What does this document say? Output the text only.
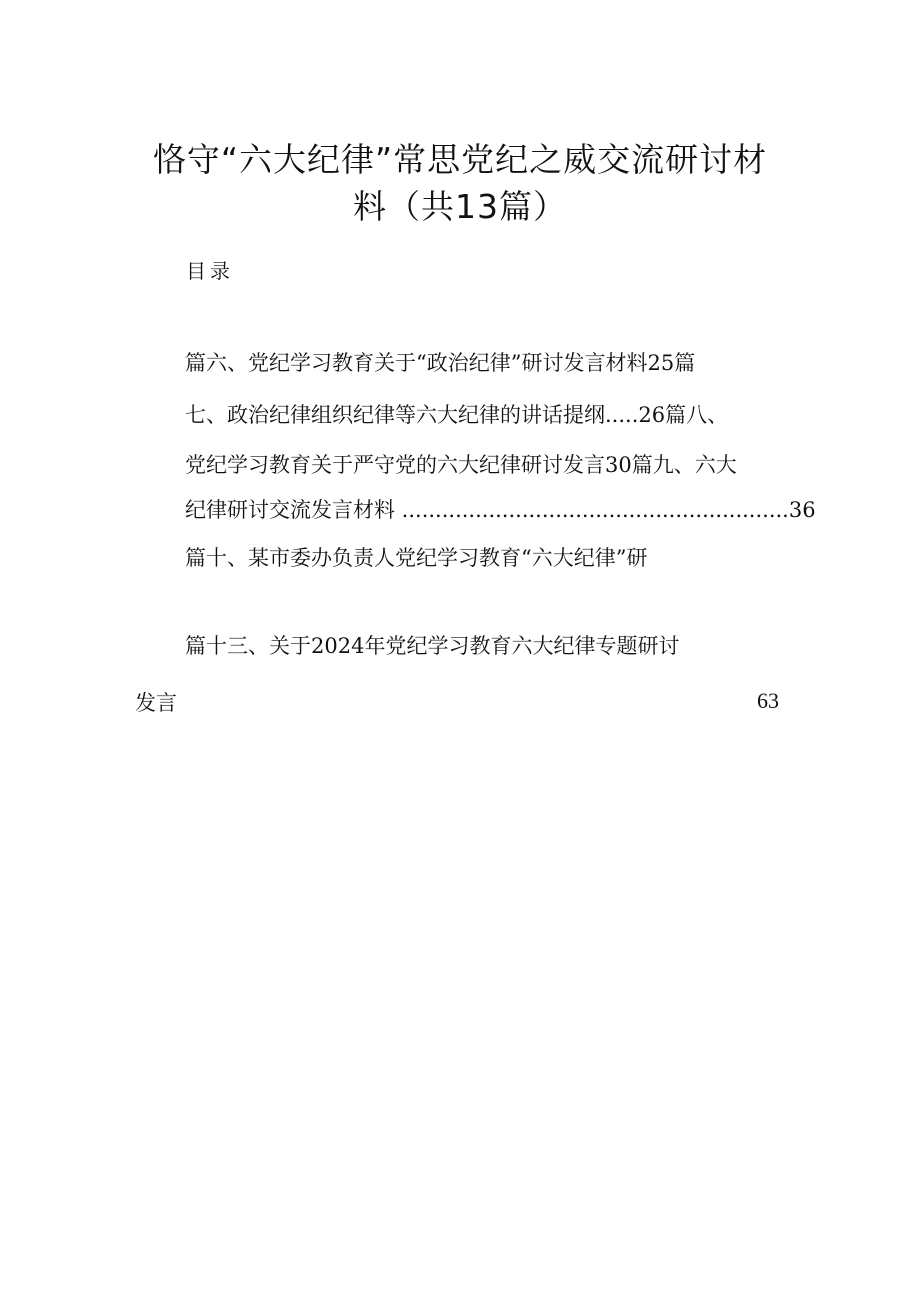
恪守“六大纪律”常思党纪之威交流研讨材
料（共13篇）
目录
篇六、党纪学习教育关于“政治纪律”研讨发言材料25篇
七、政治纪律组织纪律等六大纪律的讲话提纲.....26篇八、
党纪学习教育关于严守党的六大纪律研讨发言30篇九、六大
纪律研讨交流发言材料 ..........................................................36
篇十、某市委办负责人党纪学习教育“六大纪律”研
篇十三、关于2024年党纪学习教育六大纪律专题研讨
发言	63
